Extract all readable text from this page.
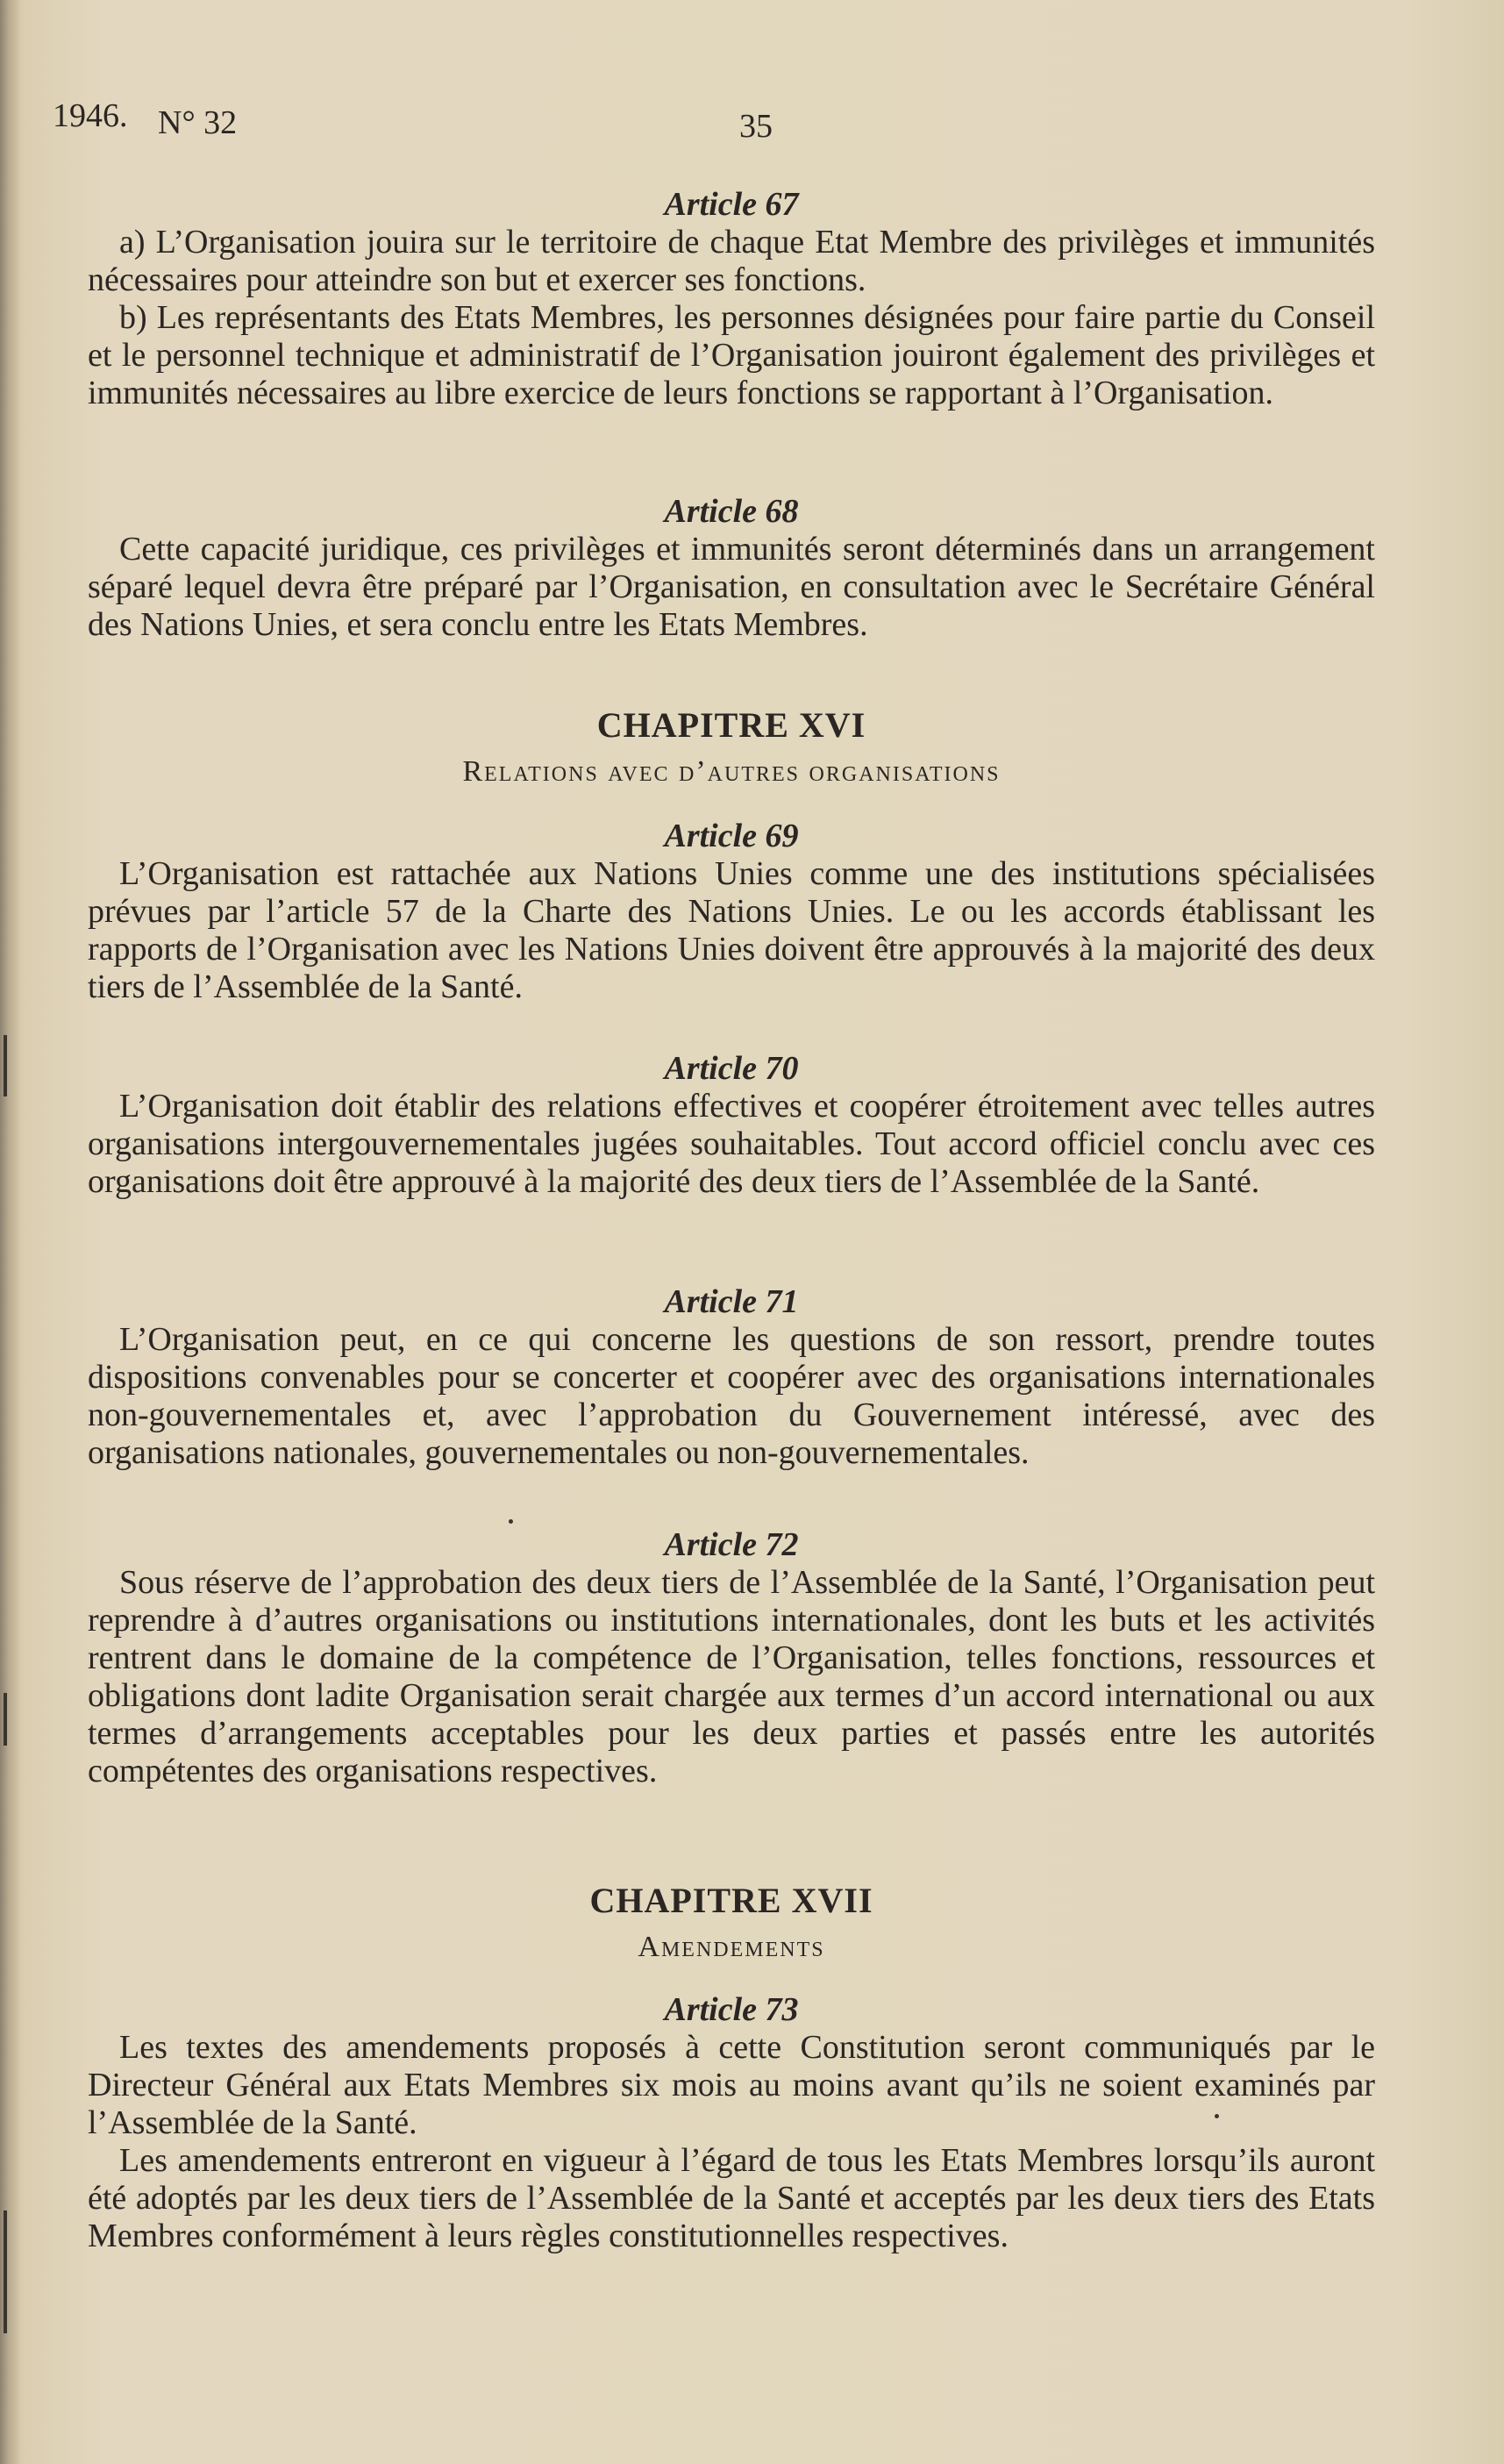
1946. N° 32	35
Article 67

a) L’Organisation jouira sur le territoire de chaque Etat Membre des privilèges et immunités nécessaires pour atteindre son but et exercer ses fonctions.

b) Les représentants des Etats Membres, les personnes désignées pour faire partie du Conseil et le personnel technique et administratif de l’Organisation jouiront également des privilèges et immunités nécessaires au libre exercice de leurs fonctions se rapportant à l’Organisation.

Article 68

Cette capacité juridique, ces privilèges et immunités seront déterminés dans un arrangement séparé lequel devra être préparé par l’Organisation, en consultation avec le Secrétaire Général des Nations Unies, et sera conclu entre les Etats Membres.

CHAPITRE XVI
Relations avec d’autres organisations
Article 69

L’Organisation est rattachée aux Nations Unies comme une des institutions spécialisées prévues par l’article 57 de la Charte des Nations Unies. Le ou les accords établissant les rapports de l’Organisation avec les Nations Unies doivent être approuvés à la majorité des deux tiers de l’Assemblée de la Santé.

Article 70

L’Organisation doit établir des relations effectives et coopérer étroitement avec telles autres organisations intergouvernementales jugées souhaitables. Tout accord officiel conclu avec ces organisations doit être approuvé à la majorité des deux tiers de l’Assemblée de la Santé.

Article 71

L’Organisation peut, en ce qui concerne les questions de son ressort, prendre toutes dispositions convenables pour se concerter et coopérer avec des organisations internationales non-gouvernementales et, avec l’approbation du Gouvernement intéressé, avec des organisations nationales, gouvernementales ou non-gouvernementales.

Article 72

Sous réserve de l’approbation des deux tiers de l’Assemblée de la Santé, l’Organisation peut reprendre à d’autres organisations ou institutions internationales, dont les buts et les activités rentrent dans le domaine de la compétence de l’Organisation, telles fonctions, ressources et obligations dont ladite Organisation serait chargée aux termes d’un accord international ou aux termes d’arrangements acceptables pour les deux parties et passés entre les autorités compétentes des organisations respectives.

CHAPITRE XVII
Amendements
Article 73

Les textes des amendements proposés à cette Constitution seront communiqués par le Directeur Général aux Etats Membres six mois au moins avant qu’ils ne soient examinés par l’Assemblée de la Santé.

Les amendements entreront en vigueur à l’égard de tous les Etats Membres lorsqu’ils auront été adoptés par les deux tiers de l’Assemblée de la Santé et acceptés par les deux tiers des Etats Membres conformément à leurs règles constitutionnelles respectives.
